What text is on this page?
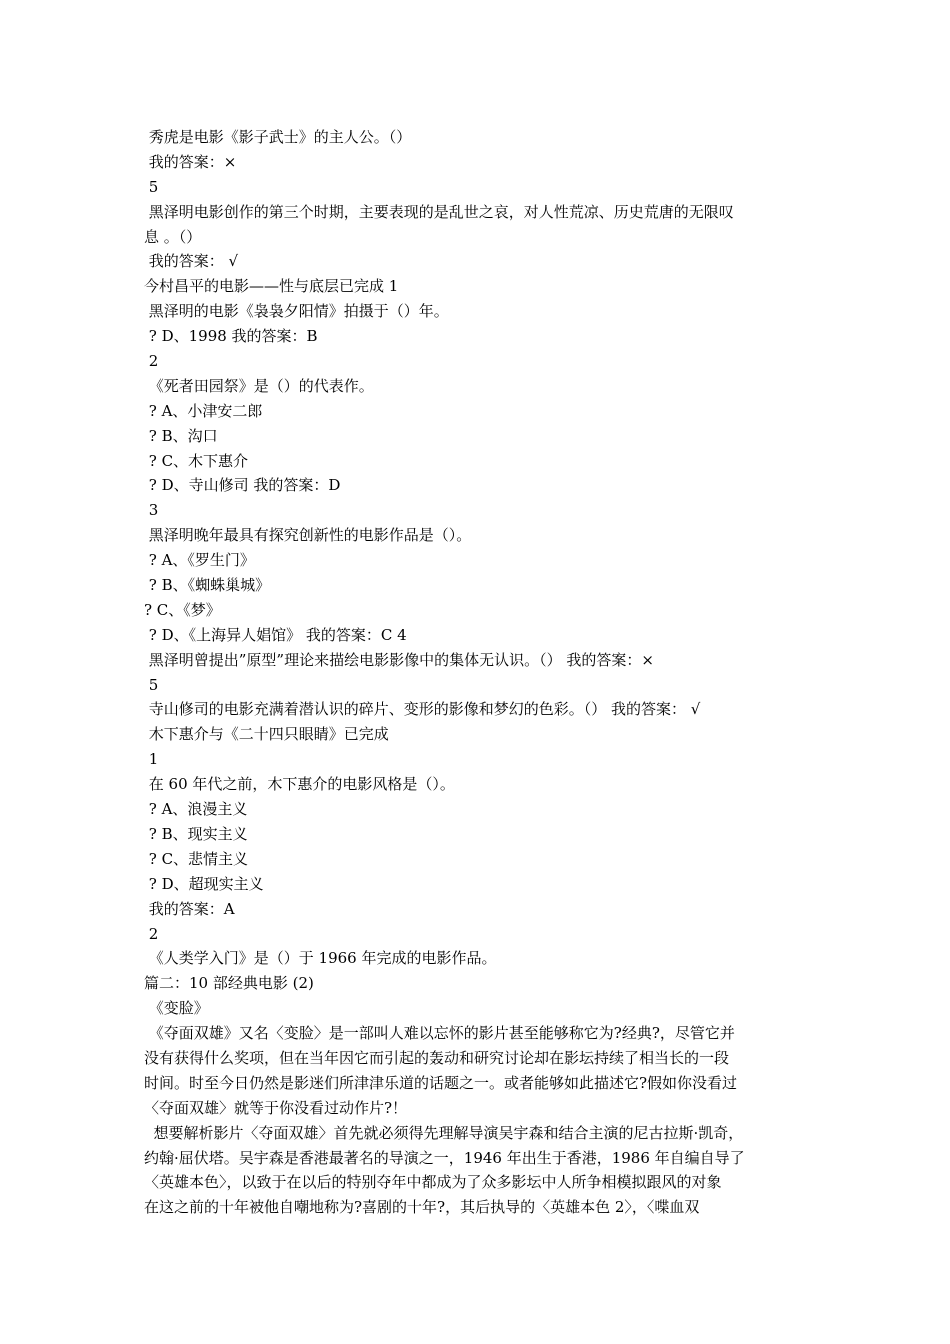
秀虎是电影《影子武士》的主人公。（）
我的答案：×
5
黑泽明电影创作的第三个时期，主要表现的是乱世之哀，对人性荒凉、历史荒唐的无限叹
息 。（）
我的答案： √
今村昌平的电影——性与底层已完成 1
黑泽明的电影《袅袅夕阳情》拍摄于（）年。
? D、1998 我的答案：B
2
《死者田园祭》是（）的代表作。
? A、小津安二郎
? B、沟口
? C、木下惠介
? D、寺山修司 我的答案：D
3
黑泽明晚年最具有探究创新性的电影作品是（）。
? A、《罗生门》
? B、《蜘蛛巢城》
? C、《梦》
? D、《上海异人娼馆》 我的答案：C 4
黑泽明曾提出”原型”理论来描绘电影影像中的集体无认识。（） 我的答案：×
5
寺山修司的电影充满着潜认识的碎片、变形的影像和梦幻的色彩。（） 我的答案： √
木下惠介与《二十四只眼睛》已完成
1
在 60 年代之前，木下惠介的电影风格是（）。
? A、浪漫主义
? B、现实主义
? C、悲情主义
? D、超现实主义
我的答案：A
2
《人类学入门》是（）于 1966 年完成的电影作品。
篇二：10 部经典电影 (2)
《变脸》
《夺面双雄》又名〈变脸〉是一部叫人难以忘怀的影片甚至能够称它为?经典?，尽管它并
没有获得什么奖项，但在当年因它而引起的轰动和研究讨论却在影坛持续了相当长的一段
时间。时至今日仍然是影迷们所津津乐道的话题之一。或者能够如此描述它?假如你没看过
〈夺面双雄〉就等于你没看过动作片?！
想要解析影片〈夺面双雄〉首先就必须得先理解导演吴宇森和结合主演的尼古拉斯·凯奇，
约翰·屈伏塔。吴宇森是香港最著名的导演之一，1946 年出生于香港，1986 年自编自导了
〈英雄本色〉，以致于在以后的特别夺年中都成为了众多影坛中人所争相模拟跟风的对象
在这之前的十年被他自嘲地称为?喜剧的十年?，其后执导的〈英雄本色 2〉，〈喋血双
